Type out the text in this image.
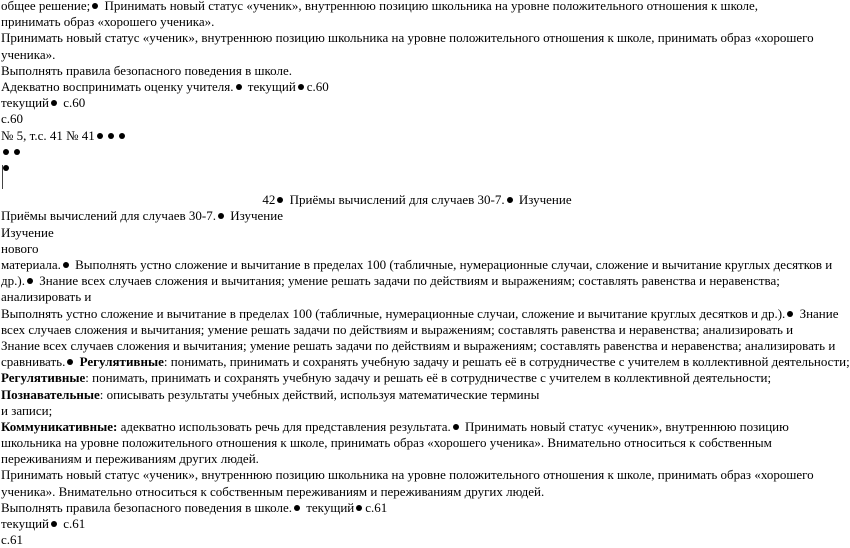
общее решение; Принимать новый статус «ученик», внутреннюю позицию школьника на уровне положительного отношения к школе,
принимать образ «хорошего ученика».
Принимать новый статус «ученик», внутреннюю позицию школьника на уровне положительного отношения к школе, принимать образ «хорошего
ученика».
Выполнять правила безопасного поведения в школе.
Адекватно воспринимать оценку учителя. текущий с.60
текущий с.60
с.60
№ 5, т.с. 41 № 41
42 Приёмы вычислений для случаев 30-7. Изучение
Приёмы вычислений для случаев 30-7. Изучение
Изучение
нового
материала. Выполнять устно сложение и вычитание в пределах 100 (табличные, нумерационные случаи, сложение и вычитание круглых десятков и
др.). Знание всех случаев сложения и вычитания; умение решать задачи по действиям и выражениям; составлять равенства и неравенства;
анализировать и
Выполнять устно сложение и вычитание в пределах 100 (табличные, нумерационные случаи, сложение и вычитание круглых десятков и др.). Знание
всех случаев сложения и вычитания; умение решать задачи по действиям и выражениям; составлять равенства и неравенства; анализировать и
Знание всех случаев сложения и вычитания; умение решать задачи по действиям и выражениям; составлять равенства и неравенства; анализировать и
сравнивать. Регулятивные: понимать, принимать и сохранять учебную задачу и решать её в сотрудничестве с учителем в коллективной деятельности;
Регулятивные: понимать, принимать и сохранять учебную задачу и решать её в сотрудничестве с учителем в коллективной деятельности;
Познавательные: описывать результаты учебных действий, используя математические термины
и записи;
Коммуникативные: адекватно использовать речь для представления результата. Принимать новый статус «ученик», внутреннюю позицию
школьника на уровне положительного отношения к школе, принимать образ «хорошего ученика». Внимательно относиться к собственным
переживаниям и переживаниям других людей.
Принимать новый статус «ученик», внутреннюю позицию школьника на уровне положительного отношения к школе, принимать образ «хорошего
ученика». Внимательно относиться к собственным переживаниям и переживаниям других людей.
Выполнять правила безопасного поведения в школе. текущий с.61
текущий с.61
с.61
